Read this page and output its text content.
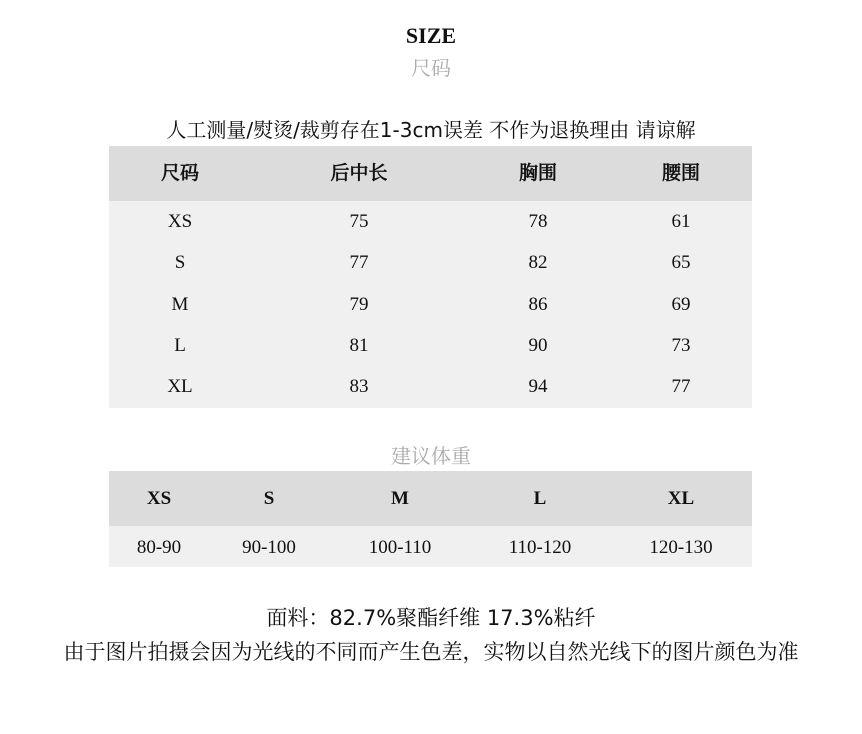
SIZE
尺码
人工测量/熨烫/裁剪存在1-3cm误差 不作为退换理由 请谅解
尺码	后中长	胸围	腰围
XS	75	78	61
S	77	82	65
M	79	86	69
L	81	90	73
XL	83	94	77
建议体重
XS	S	M	L	XL
80-90	90-100	100-110	110-120	120-130
面料：82.7%聚酯纤维 17.3%粘纤
由于图片拍摄会因为光线的不同而产生色差，实物以自然光线下的图片颜色为准
